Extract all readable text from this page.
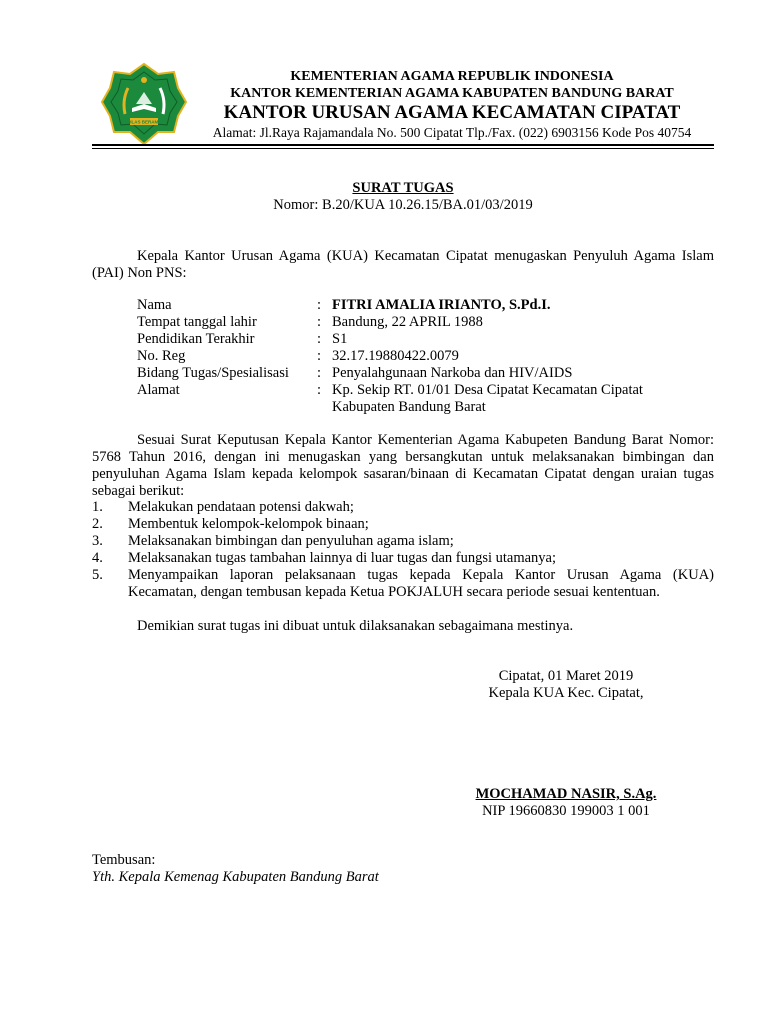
IKHLAS BERAMAL
KEMENTERIAN AGAMA REPUBLIK INDONESIA
KANTOR KEMENTERIAN AGAMA KABUPATEN BANDUNG BARAT
KANTOR URUSAN AGAMA KECAMATAN CIPATAT
Alamat: Jl.Raya Rajamandala No. 500 Cipatat Tlp./Fax. (022) 6903156 Kode Pos 40754
SURAT TUGAS
Nomor: B.20/KUA 10.26.15/BA.01/03/2019
Kepala Kantor Urusan Agama (KUA) Kecamatan Cipatat menugaskan Penyuluh Agama Islam (PAI) Non PNS:
Nama	: FITRI AMALIA IRIANTO, S.Pd.I.
Tempat tanggal lahir	: Bandung, 22 APRIL 1988
Pendidikan Terakhir	: S1
No. Reg	: 32.17.19880422.0079
Bidang Tugas/Spesialisasi	: Penyalahgunaan Narkoba dan HIV/AIDS
Alamat	: Kp. Sekip RT. 01/01 Desa Cipatat Kecamatan Cipatat
Kabupaten Bandung Barat
Sesuai Surat Keputusan Kepala Kantor Kementerian Agama Kabupeten Bandung Barat Nomor: 5768 Tahun 2016, dengan ini menugaskan yang bersangkutan untuk melaksanakan bimbingan dan penyuluhan Agama Islam kepada kelompok sasaran/binaan di Kecamatan Cipatat dengan uraian tugas sebagai berikut:
1.	Melakukan pendataan potensi dakwah;
2.	Membentuk kelompok-kelompok binaan;
3.	Melaksanakan bimbingan dan penyuluhan agama islam;
4.	Melaksanakan tugas tambahan lainnya di luar tugas dan fungsi utamanya;
5.	Menyampaikan laporan pelaksanaan tugas kepada Kepala Kantor Urusan Agama (KUA) Kecamatan, dengan tembusan kepada Ketua POKJALUH secara periode sesuai kententuan.
Demikian surat tugas ini dibuat untuk dilaksanakan sebagaimana mestinya.
Cipatat, 01 Maret 2019
Kepala KUA Kec. Cipatat,
MOCHAMAD NASIR, S.Ag.
NIP 19660830 199003 1 001
Tembusan:
Yth. Kepala Kemenag Kabupaten Bandung Barat
